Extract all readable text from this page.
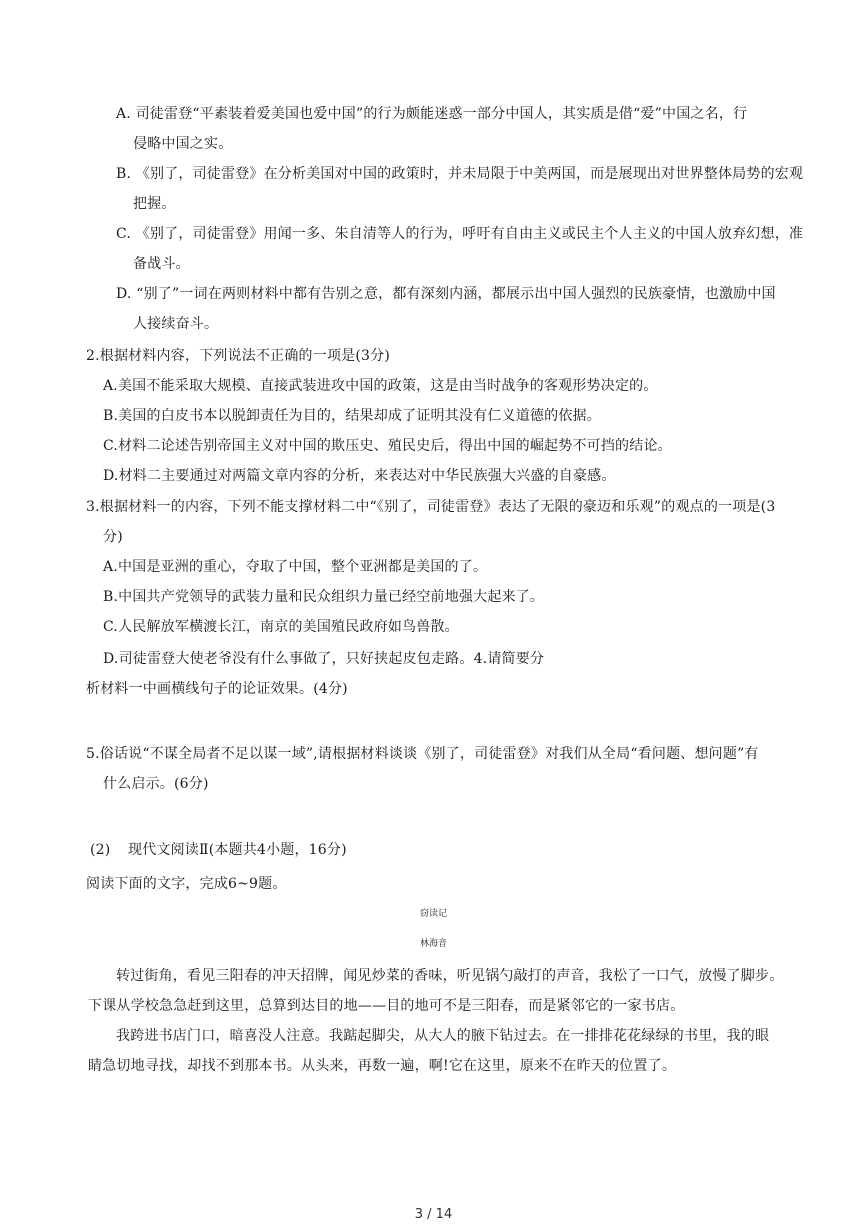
A. 司徒雷登“平素装着爱美国也爱中国”的行为颇能迷惑一部分中国人，其实质是借“爱”中国之名，行
侵略中国之实。
B. 《别了，司徒雷登》在分析美国对中国的政策时，并未局限于中美两国，而是展现出对世界整体局势的宏观
把握。
C. 《别了，司徒雷登》用闻一多、朱自清等人的行为，呼吁有自由主义或民主个人主义的中国人放弃幻想，准
备战斗。
D. “别了”一词在两则材料中都有告别之意，都有深刻内涵，都展示出中国人强烈的民族豪情，也激励中国
人接续奋斗。
2.根据材料内容，下列说法不正确的一项是(3分)
A.美国不能采取大规模、直接武装进攻中国的政策，这是由当时战争的客观形势决定的。
B.美国的白皮书本以脱卸责任为目的，结果却成了证明其没有仁义道德的依据。
C.材料二论述告别帝国主义对中国的欺压史、殖民史后，得出中国的崛起势不可挡的结论。
D.材料二主要通过对两篇文章内容的分析，来表达对中华民族强大兴盛的自豪感。
3.根据材料一的内容，下列不能支撑材料二中“《别了，司徒雷登》表达了无限的豪迈和乐观”的观点的一项是(3
分)
A.中国是亚洲的重心，夺取了中国，整个亚洲都是美国的了。
B.中国共产党领导的武装力量和民众组织力量已经空前地强大起来了。
C.人民解放军横渡长江，南京的美国殖民政府如鸟兽散。
D.司徒雷登大使老爷没有什么事做了，只好挟起皮包走路。4.请简要分
析材料一中画横线句子的论证效果。(4分)
5.俗话说“不谋全局者不足以谋一域”,请根据材料谈谈《别了，司徒雷登》对我们从全局“看问题、想问题”有
什么启示。(6分)
(2) 现代文阅读Ⅱ(本题共4小题，16分)
阅读下面的文字，完成6~9题。
窃读记
林海音
转过街角，看见三阳春的冲天招牌，闻见炒菜的香味，听见锅勺敲打的声音，我松了一口气，放慢了脚步。
下课从学校急急赶到这里，总算到达目的地——目的地可不是三阳春，而是紧邻它的一家书店。
我跨进书店门口，暗喜没人注意。我踮起脚尖，从大人的腋下钻过去。在一排排花花绿绿的书里，我的眼
睛急切地寻找，却找不到那本书。从头来，再数一遍，啊!它在这里，原来不在昨天的位置了。
3 / 14
